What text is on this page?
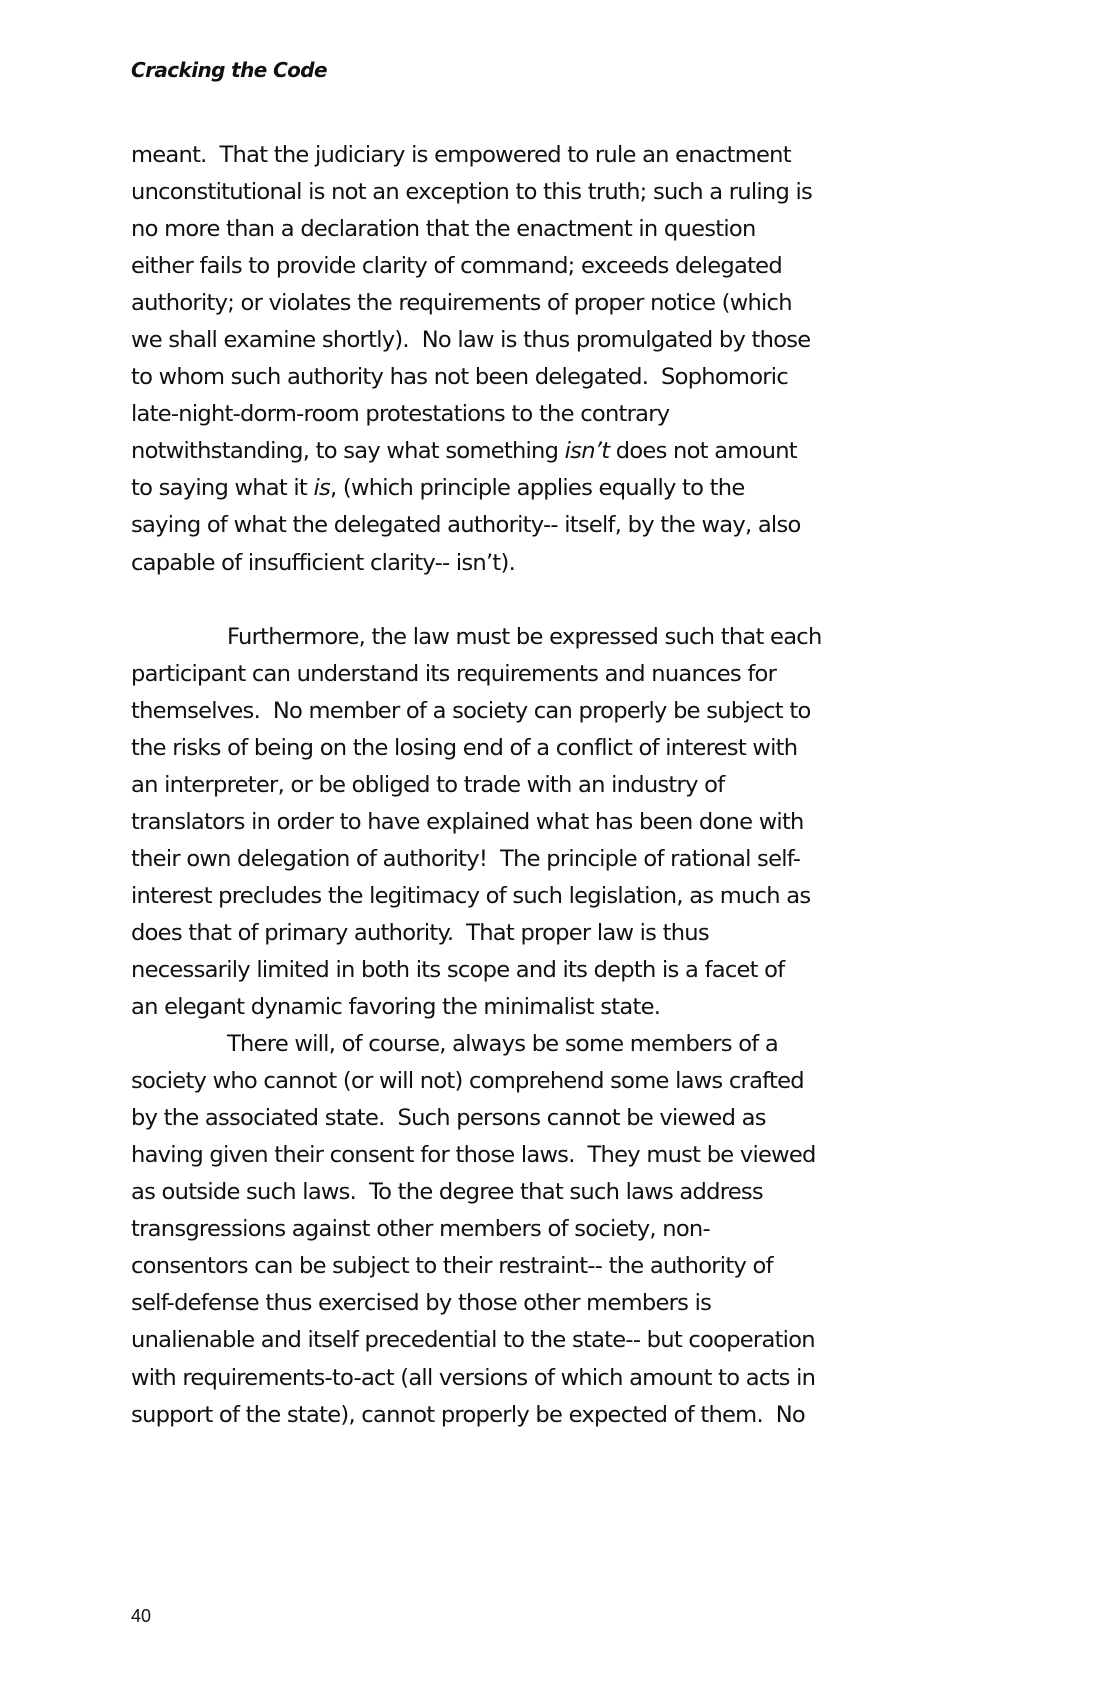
Cracking the Code
meant.  That the judiciary is empowered to rule an enactment
unconstitutional is not an exception to this truth; such a ruling is
no more than a declaration that the enactment in question
either fails to provide clarity of command; exceeds delegated
authority; or violates the requirements of proper notice (which
we shall examine shortly).  No law is thus promulgated by those
to whom such authority has not been delegated.  Sophomoric
late-night-dorm-room protestations to the contrary
notwithstanding, to say what something isn’t does not amount
to saying what it is, (which principle applies equally to the
saying of what the delegated authority-- itself, by the way, also
capable of insufficient clarity-- isn’t).
Furthermore, the law must be expressed such that each
participant can understand its requirements and nuances for
themselves.  No member of a society can properly be subject to
the risks of being on the losing end of a conflict of interest with
an interpreter, or be obliged to trade with an industry of
translators in order to have explained what has been done with
their own delegation of authority!  The principle of rational self-
interest precludes the legitimacy of such legislation, as much as
does that of primary authority.  That proper law is thus
necessarily limited in both its scope and its depth is a facet of
an elegant dynamic favoring the minimalist state.
There will, of course, always be some members of a
society who cannot (or will not) comprehend some laws crafted
by the associated state.  Such persons cannot be viewed as
having given their consent for those laws.  They must be viewed
as outside such laws.  To the degree that such laws address
transgressions against other members of society, non-
consentors can be subject to their restraint-- the authority of
self-defense thus exercised by those other members is
unalienable and itself precedential to the state-- but cooperation
with requirements-to-act (all versions of which amount to acts in
support of the state), cannot properly be expected of them.  No
40
